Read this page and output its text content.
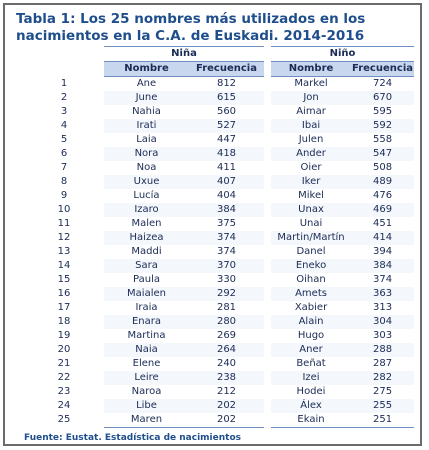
Tabla 1: Los 25 nombres más utilizados en los nacimientos en la C.A. de Euskadi. 2014-2016

	Niña			Niño	
	Nombre	Frecuencia		Nombre	Frecuencia
1	Ane	812		Markel	724
2	June	615		Jon	670
3	Nahia	560		Aimar	595
4	Irati	527		Ibai	592
5	Laia	447		Julen	558
6	Nora	418		Ander	547
7	Noa	411		Oier	508
8	Uxue	407		Iker	489
9	Lucía	404		Mikel	476
10	Izaro	384		Unax	469
11	Malen	375		Unai	451
12	Haizea	374		Martin/Martín	414
13	Maddi	374		Danel	394
14	Sara	370		Eneko	384
15	Paula	330		Oihan	374
16	Maialen	292		Amets	363
17	Iraia	281		Xabier	313
18	Enara	280		Alain	304
19	Martina	269		Hugo	303
20	Naia	264		Aner	288
21	Elene	240		Beñat	287
22	Leire	238		Izei	282
23	Naroa	212		Hodei	275
24	Libe	202		Álex	255
25	Maren	202		Ekain	251
Fuente: Eustat. Estadística de nacimientos
